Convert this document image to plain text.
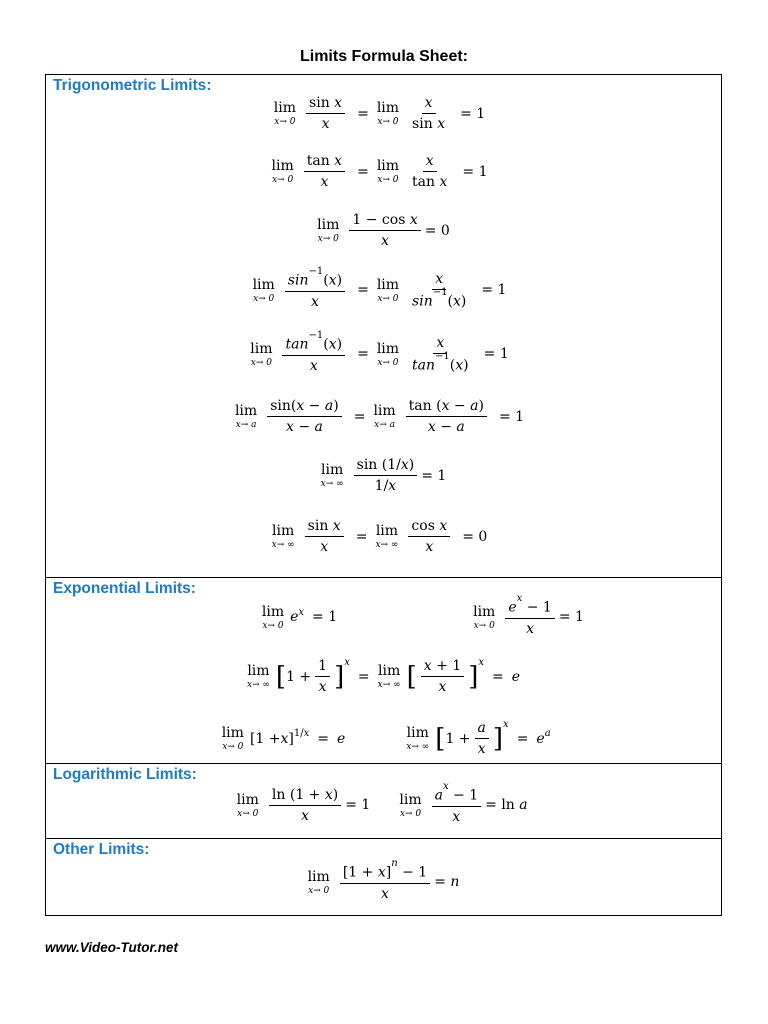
Limits Formula Sheet:
Trigonometric Limits:
lim
$x\to 0 \frac{\text{sin x}}{x} = \lim$
$x\to 0 \frac{x}{\text{sin x}} = 1$
lim
$x\to 0 \frac{\text{tan x}}{x} = \lim$
$x\to 0 \frac{x}{\text{tan x}} = 1$
lim
$x\to 0 \frac{\text{1 − cos x}}{x} = 0$
lim
$x\to 0 \frac{\sin^{-1}(x)}{x} = \lim$
$x\to 0 \frac{x}{\sin^{-1}(x)} = 1$
lim
$x\to 0 \frac{\tan^{-1}(x)}{x} = \lim$
$x\to 0 \frac{x}{\tan^{-1}(x)} = 1$
lim
x→ a $\frac{\sin(x - a)}{x - a} = \lim$
x→ a $\frac{\tan (x - a)}{x - a} = 1$
lim
x→ ∞ $\frac{\sin (1/x)}{1/x} = 1$
lim
x→ ∞ $\frac{\text{sin x}}{x} = \lim$
x→ ∞ $\frac{\text{cos x}}{x} = 0$
Exponential Limits:
lim
x→ 0
e x = 1	lim
$x\to 0 \frac{e^x - 1}{x} = 1$
lim
x→ ∞ [ $1 + \frac{1}{x}$ ] x
= lim
x→ ∞ [ $\frac{x + 1}{x}$ ] x
= e
lim
x→ 0
[1 + x ] 1/x = e	lim
x→ ∞ [ $1 + \frac{a}{x}$ ] x
= e a
Logarithmic Limits:
lim
$x\to 0 \frac{\ln (1 + x)}{x} = 1$ lim
$x\to 0 \frac{a^x - 1}{x} = \ln a$
Other Limits:
lim
$x\to 0 \frac{[1 + x]^n - 1}{x} = n$
www.Video-Tutor.net
